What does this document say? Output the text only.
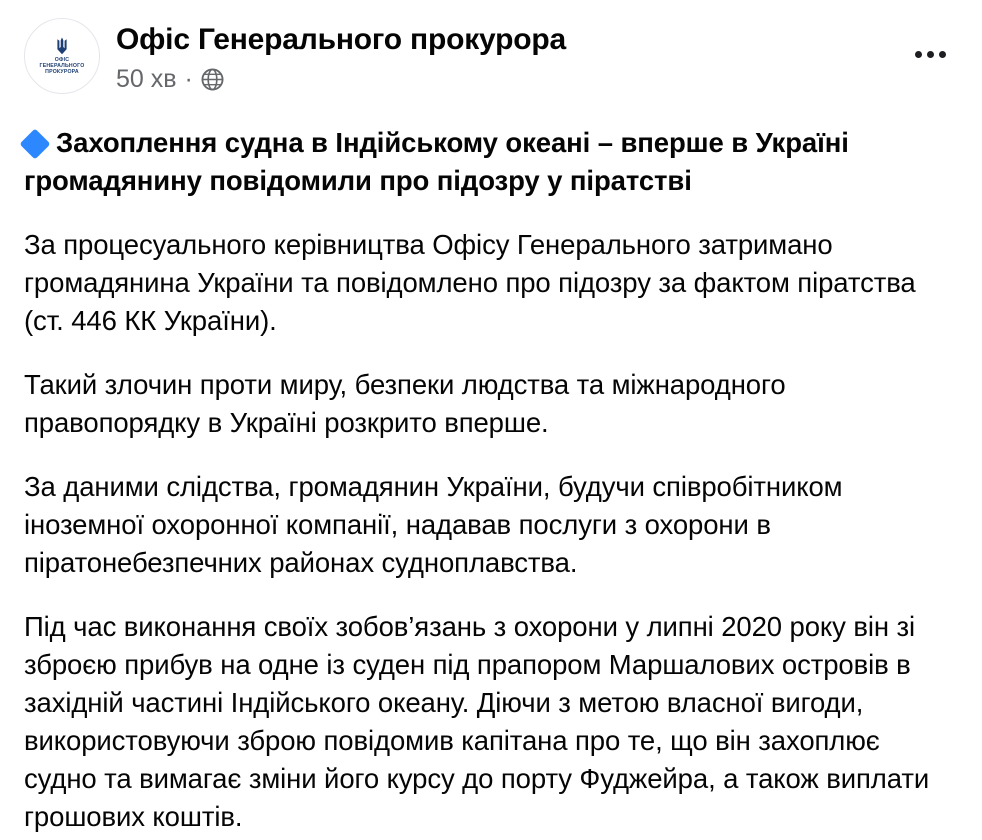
ОФІС
ГЕНЕРАЛЬНОГО
ПРОКУРОРА
Офіс Генерального прокурора
50 хв ·

Захоплення судна в Індійському океані – вперше в Україні громадянину повідомили про підозру у піратстві

За процесуального керівництва Офісу Генерального затримано громадянина України та повідомлено про підозру за фактом піратства (ст. 446 КК України).

Такий злочин проти миру, безпеки людства та міжнародного правопорядку в Україні розкрито вперше.

За даними слідства, громадянин України, будучи співробітником іноземної охоронної компанії, надавав послуги з охорони в піратонебезпечних районах судноплавства.

Під час виконання своїх зобов’язань з охорони у липні 2020 року він зі зброєю прибув на одне із суден під прапором Маршалових островів в західній частині Індійського океану. Діючи з метою власної вигоди, використовуючи зброю повідомив капітана про те, що він захоплює судно та вимагає зміни його курсу до порту Фуджейра, а також виплати грошових коштів.
